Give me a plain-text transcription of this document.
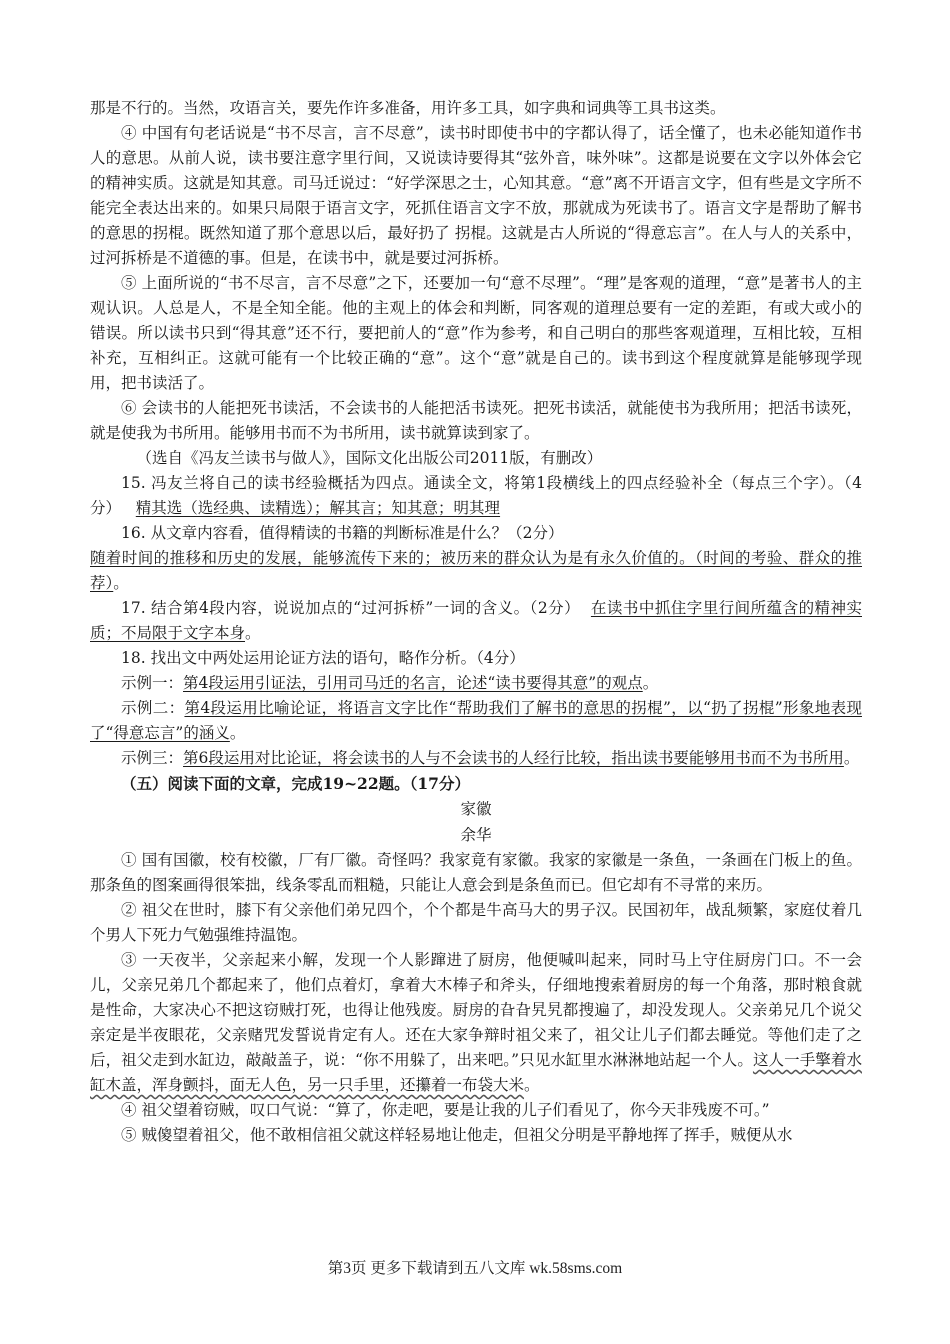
那是不行的。当然，攻语言关，要先作许多准备，用许多工具，如字典和词典等工具书这类。

④ 中国有句老话说是“书不尽言，言不尽意”，读书时即使书中的字都认得了，话全懂了，也未必能知道作书人的意思。从前人说，读书要注意字里行间，又说读诗要得其“弦外音，味外味”。这都是说要在文字以外体会它的精神实质。这就是知其意。司马迁说过：“好学深思之士，心知其意。“意”离不开语言文字，但有些是文字所不能完全表达出来的。如果只局限于语言文字，死抓住语言文字不放，那就成为死读书了。语言文字是帮助了解书的意思的拐棍。既然知道了那个意思以后，最好扔了 拐棍。这就是古人所说的“得意忘言”。在人与人的关系中，过河拆桥是不道德的事。但是，在读书中，就是要过河拆桥。

⑤ 上面所说的“书不尽言，言不尽意”之下，还要加一句“意不尽理”。“理”是客观的道理，“意”是著书人的主观认识。人总是人，不是全知全能。他的主观上的体会和判断，同客观的道理总要有一定的差距，有或大或小的错误。所以读书只到“得其意”还不行，要把前人的“意”作为参考，和自己明白的那些客观道理，互相比较，互相补充，互相纠正。这就可能有一个比较正确的“意”。这个“意”就是自己的。读书到这个程度就算是能够现学现用，把书读活了。

⑥ 会读书的人能把死书读活，不会读书的人能把活书读死。把死书读活，就能使书为我所用；把活书读死，就是使我为书所用。能够用书而不为书所用，读书就算读到家了。

（选自《冯友兰读书与做人》，国际文化出版公司2011版，有删改）

15. 冯友兰将自己的读书经验概括为四点。通读全文，将第1段横线上的四点经验补全（每点三个字）。（4分） 精其选（选经典、读精选）；解其言；知其意；明其理

16. 从文章内容看，值得精读的书籍的判断标准是什么？（2分）

随着时间的推移和历史的发展，能够流传下来的；被历来的群众认为是有永久价值的。（时间的考验、群众的推荐）。

17. 结合第4段内容，说说加点的“过河拆桥”一词的含义。（2分） 在读书中抓住字里行间所蕴含的精神实质；不局限于文字本身。

18. 找出文中两处运用论证方法的语句，略作分析。（4分）

示例一：第4段运用引证法，引用司马迁的名言，论述“读书要得其意”的观点。

示例二：第4段运用比喻论证，将语言文字比作“帮助我们了解书的意思的拐棍”，以“扔了拐棍”形象地表现了“得意忘言”的涵义。

示例三：第6段运用对比论证，将会读书的人与不会读书的人经行比较，指出读书要能够用书而不为书所用。

（五）阅读下面的文章，完成19~22题。（17分）

家徽

余华

① 国有国徽，校有校徽，厂有厂徽。奇怪吗？我家竟有家徽。我家的家徽是一条鱼，一条画在门板上的鱼。那条鱼的图案画得很笨拙，线条零乱而粗糙，只能让人意会到是条鱼而已。但它却有不寻常的来历。

② 祖父在世时，膝下有父亲他们弟兄四个，个个都是牛高马大的男子汉。民国初年，战乱频繁，家庭仗着几个男人下死力气勉强维持温饱。

③ 一天夜半，父亲起来小解，发现一个人影蹿进了厨房，他便喊叫起来，同时马上守住厨房门口。不一会儿，父亲兄弟几个都起来了，他们点着灯，拿着大木棒子和斧头，仔细地搜索着厨房的每一个角落，那时粮食就是性命，大家决心不把这窃贼打死，也得让他残废。厨房的旮旮旯旯都搜遍了，却没发现人。父亲弟兄几个说父亲定是半夜眼花，父亲赌咒发誓说肯定有人。还在大家争辩时祖父来了，祖父让儿子们都去睡觉。等他们走了之后，祖父走到水缸边，敲敲盖子，说：“你不用躲了，出来吧。”只见水缸里水淋淋地站起一个人。这人一手擎着水缸木盖，浑身颤抖，面无人色，另一只手里，还攥着一布袋大米。

④ 祖父望着窃贼，叹口气说：“算了，你走吧，要是让我的儿子们看见了，你今天非残废不可。”

⑤ 贼傻望着祖父，他不敢相信祖父就这样轻易地让他走，但祖父分明是平静地挥了挥手，贼便从水

第3页 更多下载请到五八文库 wk.58sms.com
